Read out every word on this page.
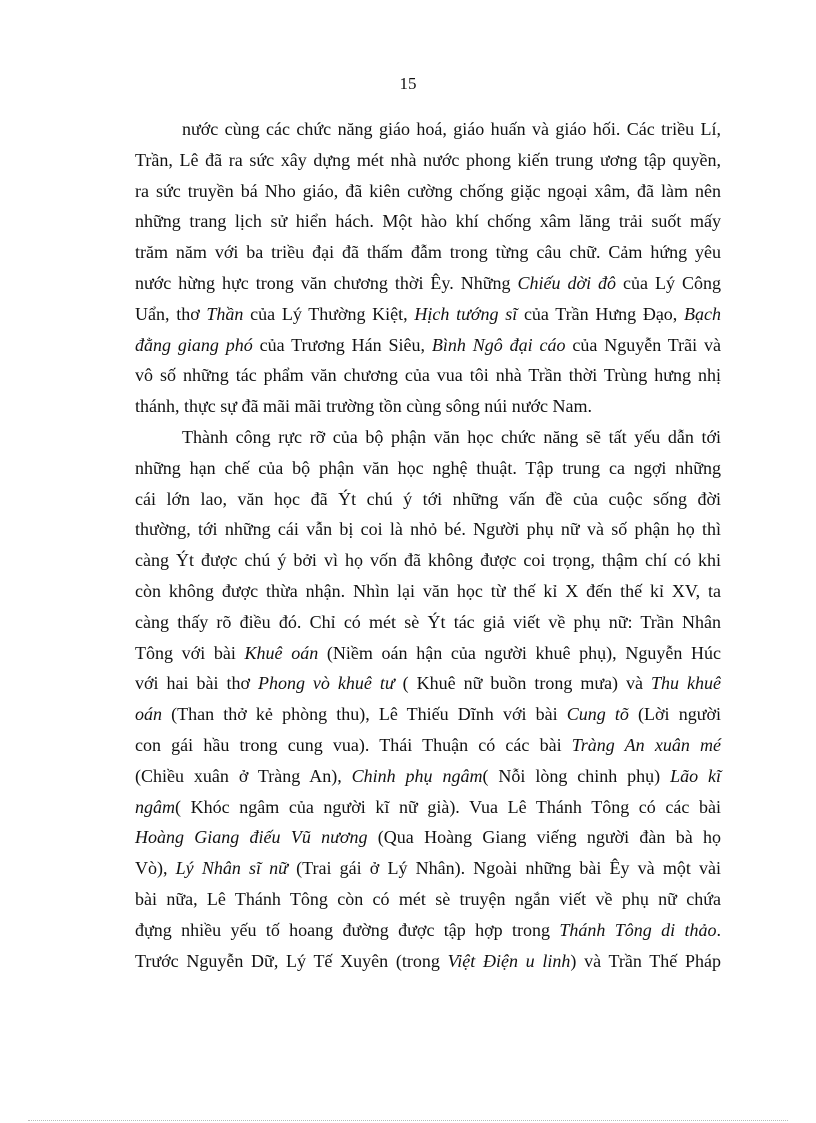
15
nước cùng các chức năng giáo hoá, giáo huấn và giáo hối. Các triều Lí,
Trần, Lê đã ra sức xây dựng mét nhà nước phong kiến trung ương tập quyền,
ra sức truyền bá Nho giáo, đã kiên cường chống giặc ngoại xâm, đã làm nên
những trang lịch sử hiển hách. Một hào khí chống xâm lăng trải suốt mấy
trăm năm với ba triều đại đã thấm đẫm trong từng câu chữ. Cảm hứng yêu
nước hừng hực trong văn chương thời Êy. Những Chiếu dời đô của Lý Công
Uẩn, thơ Thần của Lý Thường Kiệt, Hịch tướng sĩ của Trần Hưng Đạo, Bạch
đằng giang phó của Trương Hán Siêu, Bình Ngô đại cáo của Nguyễn Trãi và
vô số những tác phẩm văn chương của vua tôi nhà Trần thời Trùng hưng nhị
thánh, thực sự đã mãi mãi trường tồn cùng sông núi nước Nam.
Thành công rực rỡ của bộ phận văn học chức năng sẽ tất yếu dẫn tới
những hạn chế của bộ phận văn học nghệ thuật. Tập trung ca ngợi những
cái lớn lao, văn học đã Ýt chú ý tới những vấn đề của cuộc sống đời
thường, tới những cái vẫn bị coi là nhỏ bé. Người phụ nữ và số phận họ thì
càng Ýt được chú ý bởi vì họ vốn đã không được coi trọng, thậm chí có khi
còn không được thừa nhận. Nhìn lại văn học từ thế kỉ X đến thế kỉ XV, ta
càng thấy rõ điều đó. Chỉ có mét sè Ýt tác giả viết về phụ nữ: Trần Nhân
Tông với bài Khuê oán (Niềm oán hận của người khuê phụ), Nguyễn Húc
với hai bài thơ Phong vò khuê tư ( Khuê nữ buồn trong mưa) và Thu khuê
oán (Than thở kẻ phòng thu), Lê Thiếu Dĩnh với bài Cung tõ (Lời người
con gái hầu trong cung vua). Thái Thuận có các bài Tràng An xuân mé
(Chiều xuân ở Tràng An), Chinh phụ ngâm( Nỗi lòng chinh phụ) Lão kĩ
ngâm( Khóc ngâm của người kĩ nữ già). Vua Lê Thánh Tông có các bài
Hoàng Giang điếu Vũ nương (Qua Hoàng Giang viếng người đàn bà họ
Vò), Lý Nhân sĩ nữ (Trai gái ở Lý Nhân). Ngoài những bài Êy và một vài
bài nữa, Lê Thánh Tông còn có mét sè truyện ngắn viết về phụ nữ chứa
đựng nhiều yếu tố hoang đường được tập hợp trong Thánh Tông di thảo.
Trước Nguyễn Dữ, Lý Tế Xuyên (trong Việt Điện u linh) và Trần Thế Pháp
